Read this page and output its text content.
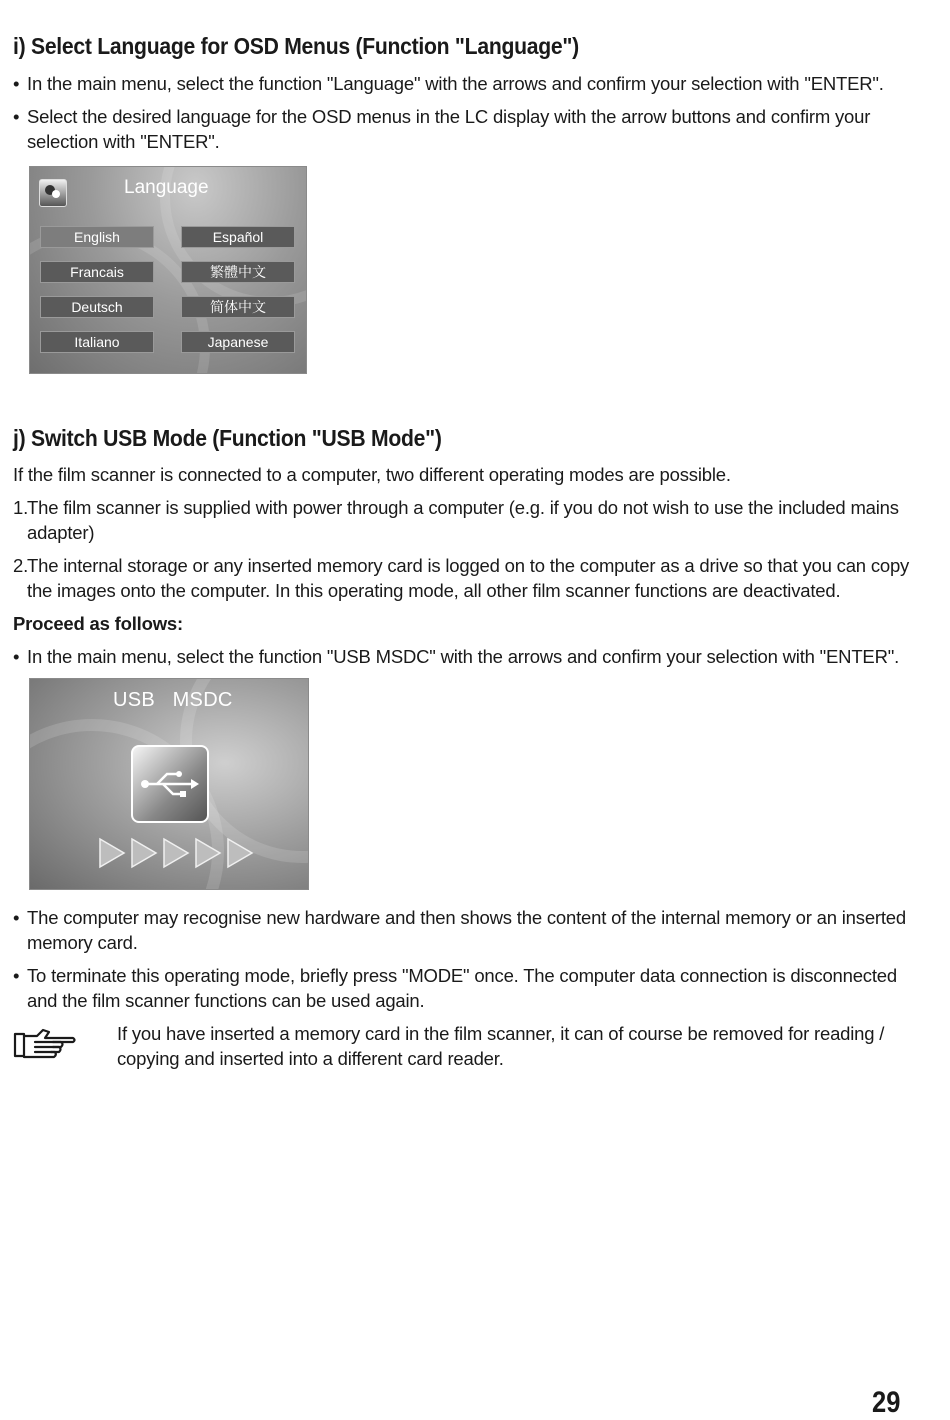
i) Select Language for OSD Menus (Function "Language")
• In the main menu, select the function "Language" with the arrows and confirm your selection with "ENTER".
• Select the desired language for the OSD menus in the LC display with the arrow buttons and confirm your selection with "ENTER".
j) Switch USB Mode (Function "USB Mode")
If the film scanner is connected to a computer, two different operating modes are possible.
1.
The film scanner is supplied with power through a computer (e.g. if you do not wish to use the included mains adapter)
2.
The internal storage or any inserted memory card is logged on to the computer as a drive so that you can copy the images onto the computer. In this operating mode, all other film scanner functions are deactivated.
Proceed as follows:
• In the main menu, select the function "USB MSDC" with the arrows and confirm your selection with "ENTER".
• The computer may recognise new hardware and then shows the content of the internal memory or an inserted memory card.
• To terminate this operating mode, briefly press "MODE" once. The computer data connection is disconnected and the film scanner functions can be used again.
If you have inserted a memory card in the film scanner, it can of course be removed for reading / copying and inserted into a different card reader.
Language
English
Francais
Deutsch
Italiano
Español
繁體中文
简体中文
Japanese
USB   MSDC
29
